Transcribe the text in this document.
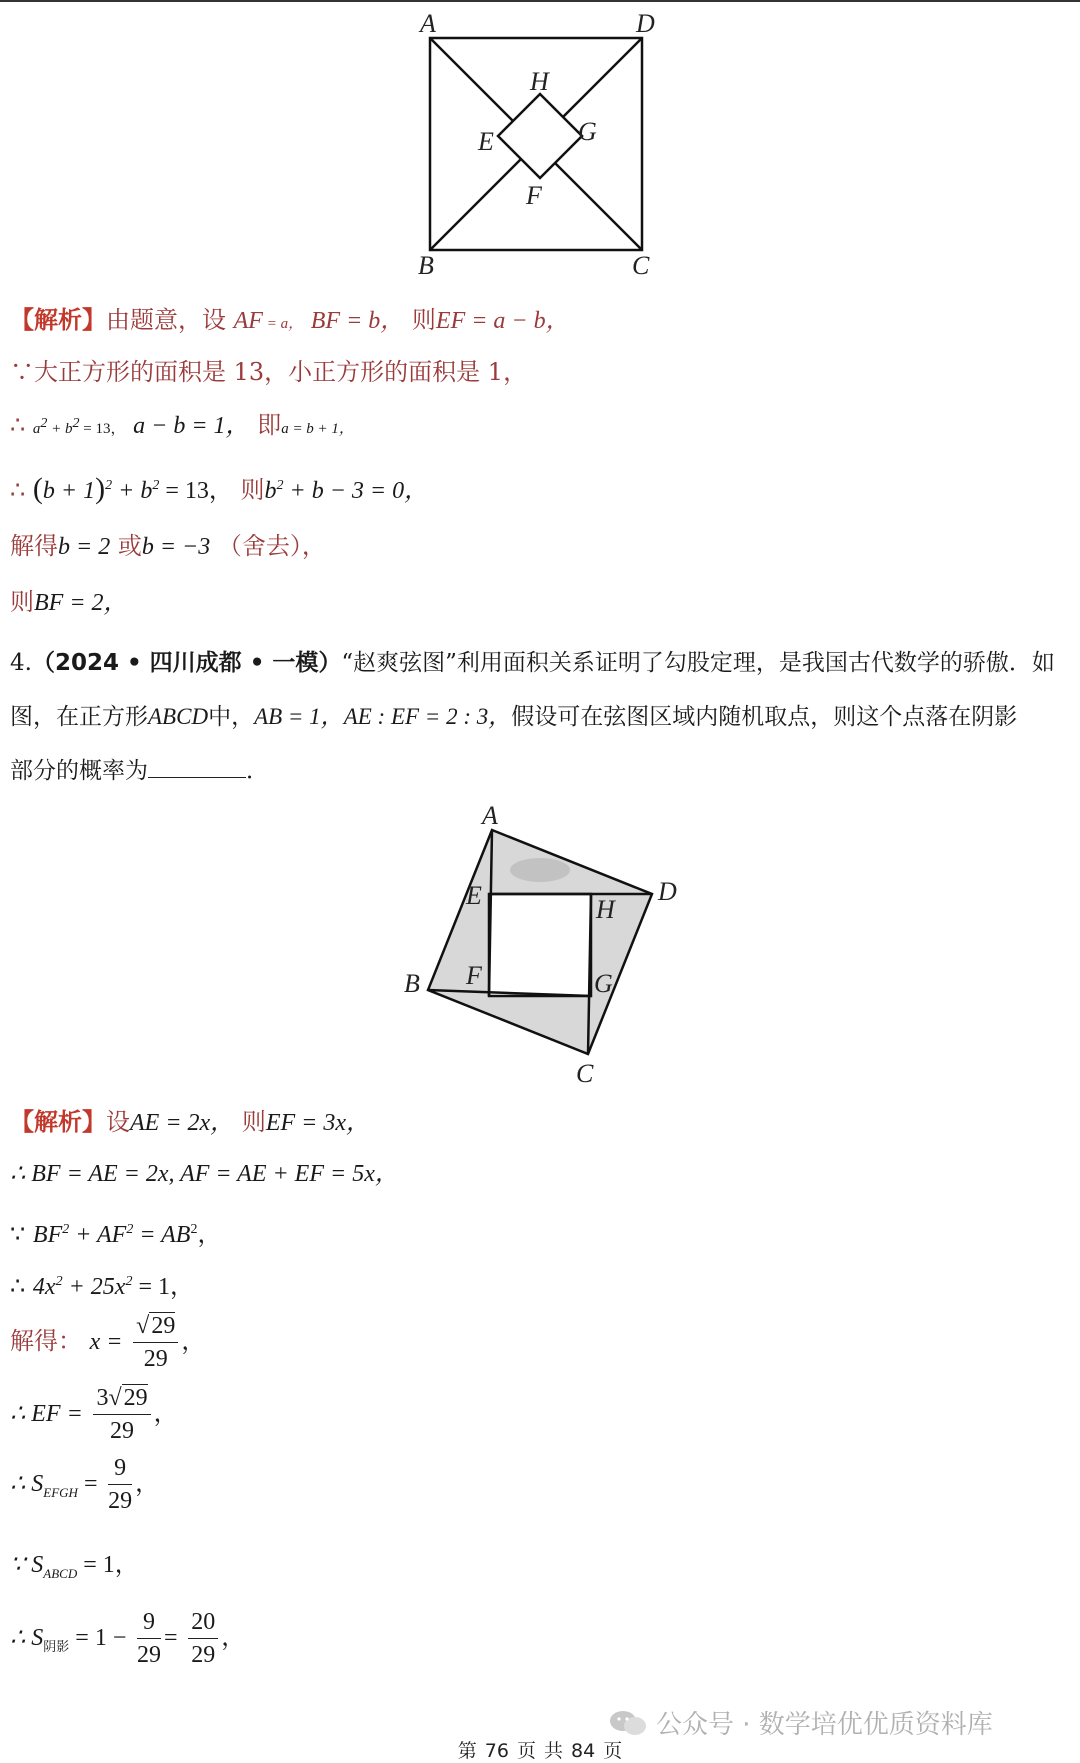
A	D
H
E	G
F
B	C
【解析】由题意，设 AF = a， BF = b， 则EF = a − b，
∵大正方形的面积是 13，小正方形的面积是 1，
∴ $a^2 + b^2 = 13$， a − b = 1， 即a = b + 1，
∴ $(b + 1)^2 + b^2 = 13$， 则$b^2 + b - 3 = 0$，
解得b = 2 或b = −3 （舍去），
则BF = 2，
4.（2024 • 四川成都 • 一模）“赵爽弦图”利用面积关系证明了勾股定理，是我国古代数学的骄傲．如
图，在正方形ABCD中，AB = 1，AE : EF = 2 : 3，假设可在弦图区域内随机取点，则这个点落在阴影
部分的概率为	．
A
D
E	H
B F	G
C
【解析】设AE = 2x， 则EF = 3x，
∴ BF = AE = 2x, AF = AE + EF = 5x，
∵ $BF^2 + AF^2 = AB^2$，
∴ $4x^2 + 25x^2 = 1$，
解得： $x = \frac{√29}{29}$ ，
∴ EF = $\frac{3√29}{29}$ ，
∴ $S_{EFGH} = \frac{9}{29}$ ，
∵ $S_{ABCD} = 1$，
∴ $S_{阴影} = 1 - \frac{9}{29} = \frac{20}{29}$ ，
公众号 · 数学培优优质资料库
第 76 页 共 84 页
